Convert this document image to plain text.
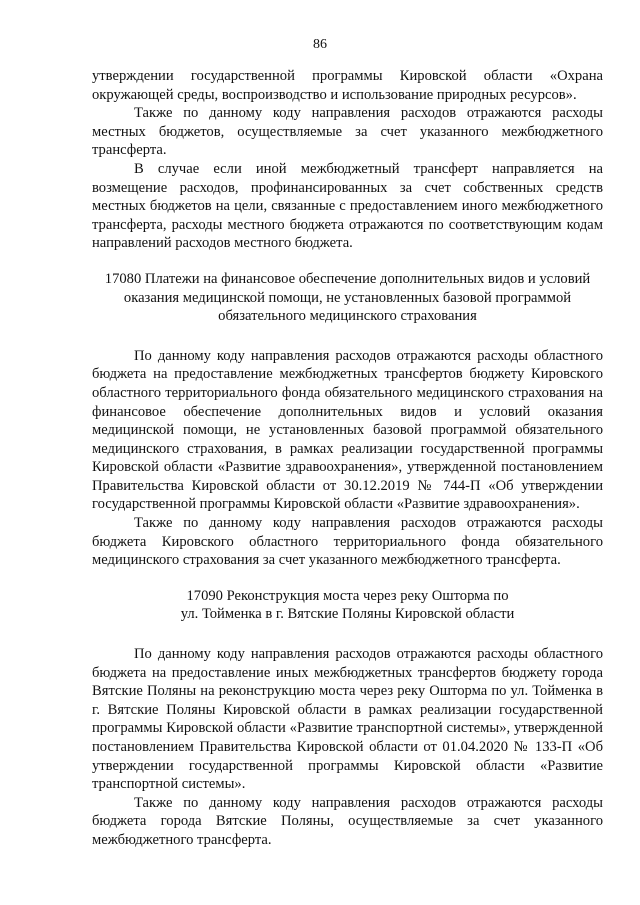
86

утверждении государственной программы Кировской области «Охрана окружающей среды, воспроизводство и использование природных ресурсов».

Также по данному коду направления расходов отражаются расходы местных бюджетов, осуществляемые за счет указанного межбюджетного трансферта.

В случае если иной межбюджетный трансферт направляется на возмещение расходов, профинансированных за счет собственных средств местных бюджетов на цели, связанные с предоставлением иного межбюджетного трансферта, расходы местного бюджета отражаются по соответствующим кодам направлений расходов местного бюджета.

17080 Платежи на финансовое обеспечение дополнительных видов и условий
оказания медицинской помощи, не установленных базовой программой
обязательного медицинского страхования

По данному коду направления расходов отражаются расходы областного бюджета на предоставление межбюджетных трансфертов бюджету Кировского областного территориального фонда обязательного медицинского страхования на финансовое обеспечение дополнительных видов и условий оказания медицинской помощи, не установленных базовой программой обязательного медицинского страхования, в рамках реализации государственной программы Кировской области «Развитие здравоохранения», утвержденной постановлением Правительства Кировской области от 30.12.2019 № 744-П «Об утверждении государственной программы Кировской области «Развитие здравоохранения».

Также по данному коду направления расходов отражаются расходы бюджета Кировского областного территориального фонда обязательного медицинского страхования за счет указанного межбюджетного трансферта.

17090 Реконструкция моста через реку Ошторма по
ул. Тойменка в г. Вятские Поляны Кировской области

По данному коду направления расходов отражаются расходы областного бюджета на предоставление иных межбюджетных трансфертов бюджету города Вятские Поляны на реконструкцию моста через реку Ошторма по ул. Тойменка в г. Вятские Поляны Кировской области в рамках реализации государственной программы Кировской области «Развитие транспортной системы», утвержденной постановлением Правительства Кировской области от 01.04.2020 № 133-П «Об утверждении государственной программы Кировской области «Развитие транспортной системы».

Также по данному коду направления расходов отражаются расходы бюджета города Вятские Поляны, осуществляемые за счет указанного межбюджетного трансферта.
